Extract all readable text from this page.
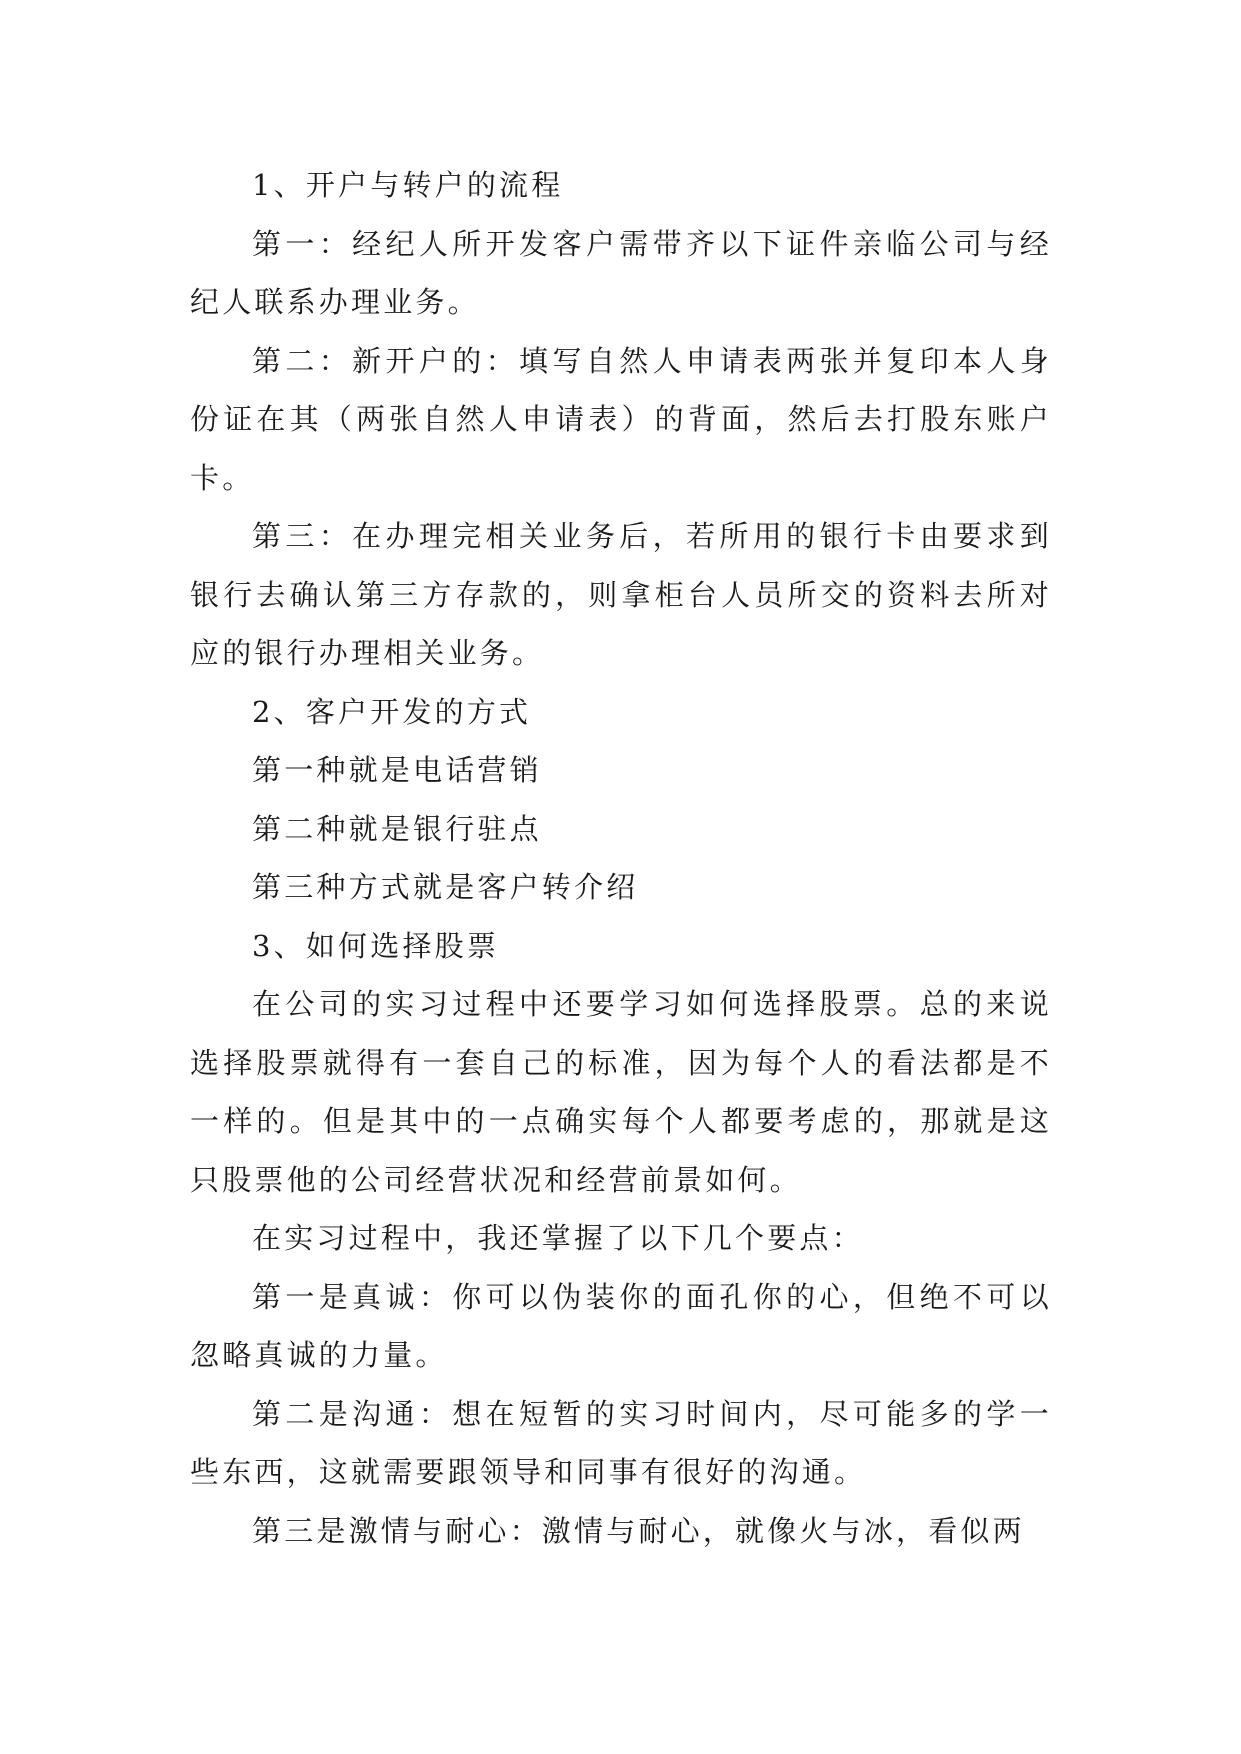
1、开户与转户的流程

第一：经纪人所开发客户需带齐以下证件亲临公司与经纪人联系办理业务。

第二：新开户的：填写自然人申请表两张并复印本人身份证在其（两张自然人申请表）的背面，然后去打股东账户卡。

第三：在办理完相关业务后，若所用的银行卡由要求到银行去确认第三方存款的，则拿柜台人员所交的资料去所对应的银行办理相关业务。

2、客户开发的方式

第一种就是电话营销

第二种就是银行驻点

第三种方式就是客户转介绍

3、如何选择股票

在公司的实习过程中还要学习如何选择股票。总的来说选择股票就得有一套自己的标准，因为每个人的看法都是不一样的。但是其中的一点确实每个人都要考虑的，那就是这只股票他的公司经营状况和经营前景如何。

在实习过程中，我还掌握了以下几个要点：

第一是真诚：你可以伪装你的面孔你的心，但绝不可以忽略真诚的力量。

第二是沟通：想在短暂的实习时间内，尽可能多的学一些东西，这就需要跟领导和同事有很好的沟通。

第三是激情与耐心：激情与耐心，就像火与冰，看似两
